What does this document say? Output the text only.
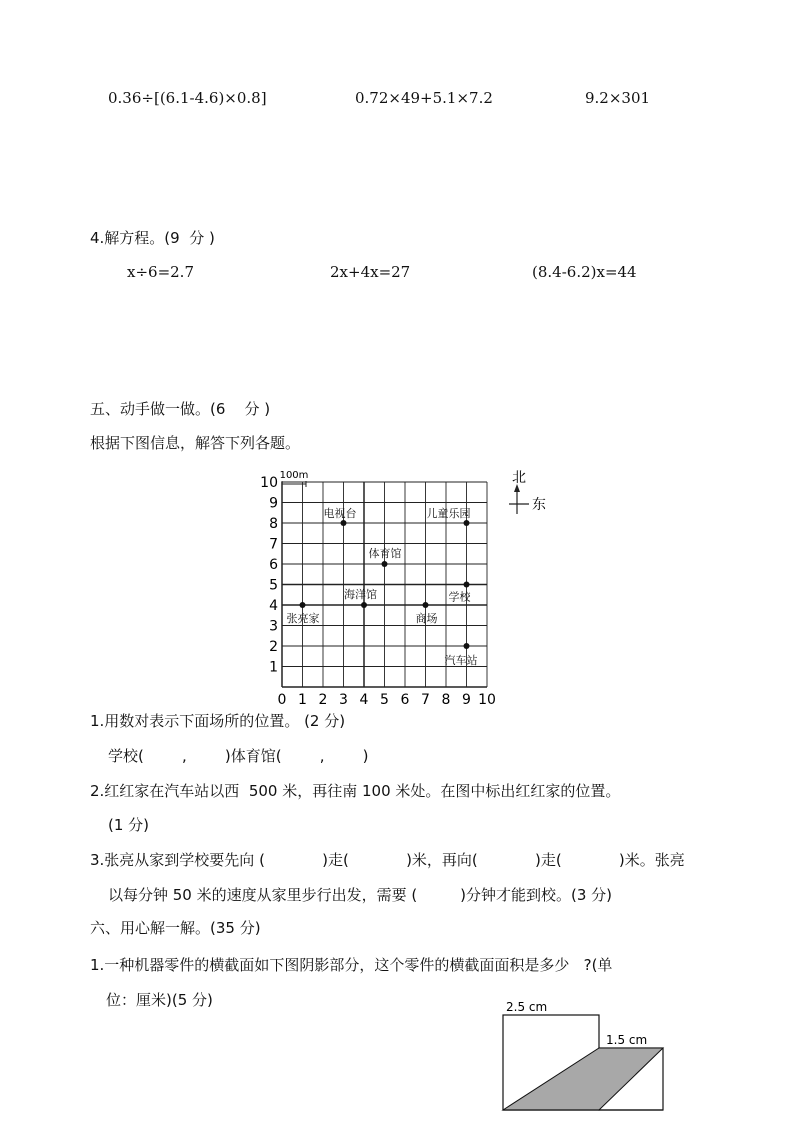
0.36÷[(6.1-4.6)×0.8]	0.72×49+5.1×7.2	9.2×301
4.解方程。(9  分 )
x÷6=2.7	2x+4x=27	(8.4-6.2)x=44
五、动手做一做。(6    分 )
根据下图信息，解答下列各题。
0 1 2 3 4 5 6 7 8 9 10
1
2
3
4
5
6
7
8
9
10
电视台	儿童乐园
体育馆
学校
张亮家
海洋馆
商场
汽车站
100m	北
东
1.用数对表示下面场所的位置。 (2 分)
学校(        ,        )体育馆(        ,        )
2.红红家在汽车站以西  500 米，再往南 100 米处。在图中标出红红家的位置。
(1 分)
3.张亮从家到学校要先向 (            )走(            )米，再向(            )走(            )米。张亮
以每分钟 50 米的速度从家里步行出发，需要 (         )分钟才能到校。(3 分)
六、用心解一解。(35 分)
1.一种机器零件的横截面如下图阴影部分，这个零件的横截面面积是多少   ?(单
位：厘米)(5 分)	2.5 cm
1.5 cm
